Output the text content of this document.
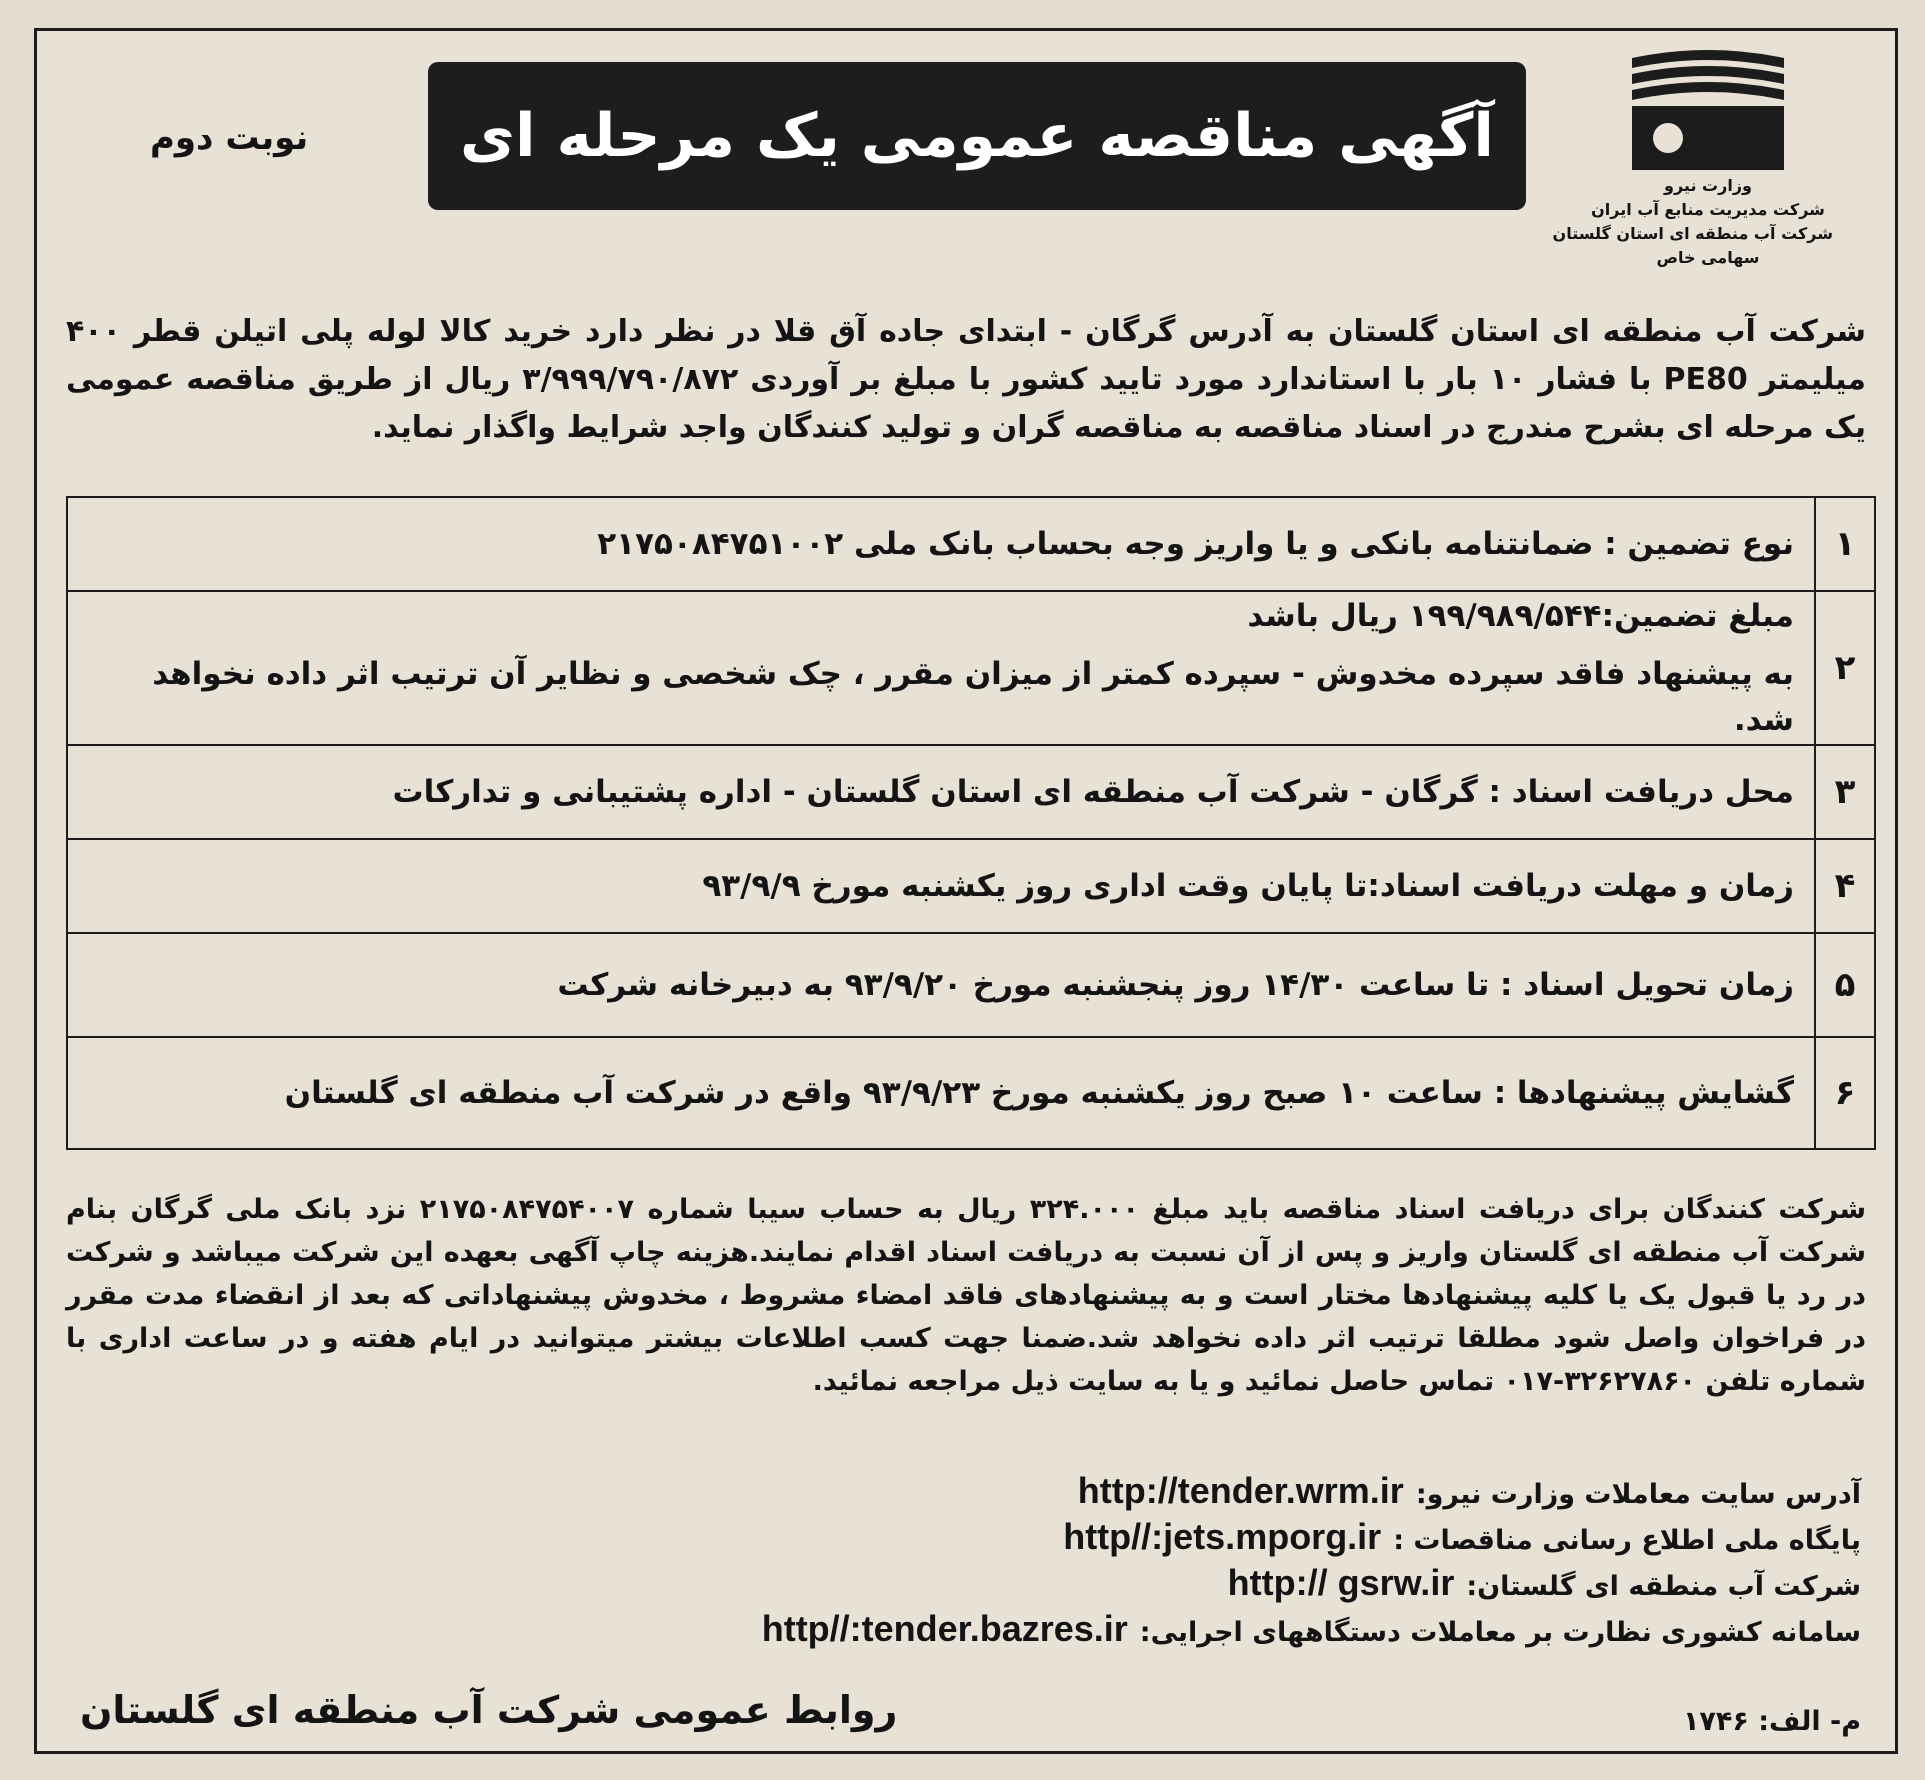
وزارت نیرو
شرکت مدیریت منابع آب ایران
شرکت آب منطقه ای استان گلستان
سهامی خاص
آگهی مناقصه عمومی یک مرحله ای
نوبت دوم
شرکت آب منطقه ای استان گلستان به آدرس گرگان - ابتدای جاده آق قلا در نظر دارد خرید کالا لوله پلی اتیلن قطر ۴۰۰ میلیمتر PE80 با فشار ۱۰ بار با استاندارد مورد تایید کشور با مبلغ بر آوردی ۳/۹۹۹/۷۹۰/۸۷۲ ریال از طریق مناقصه عمومی یک مرحله ای بشرح مندرج در اسناد مناقصه به مناقصه گران و تولید کنندگان واجد شرایط واگذار نماید.
۱
نوع تضمین : ضمانتنامه بانکی و یا واریز وجه بحساب بانک ملی ۲۱۷۵۰۸۴۷۵۱۰۰۲
۲
مبلغ تضمین:۱۹۹/۹۸۹/۵۴۴ ریال باشد
به پیشنهاد فاقد سپرده مخدوش - سپرده کمتر از میزان مقرر ، چک شخصی و نظایر آن ترتیب اثر داده نخواهد شد.
۳
محل دریافت اسناد : گرگان - شرکت آب منطقه ای استان گلستان - اداره پشتیبانی و تدارکات
۴
زمان و مهلت دریافت اسناد:تا پایان وقت اداری روز یکشنبه مورخ ۹۳/۹/۹
۵
زمان تحویل اسناد : تا ساعت ۱۴/۳۰ روز پنجشنبه مورخ ۹۳/۹/۲۰ به دبیرخانه شرکت
۶
گشایش پیشنهادها : ساعت ۱۰ صبح روز یکشنبه مورخ ۹۳/۹/۲۳ واقع در شرکت آب منطقه ای گلستان
شرکت کنندگان برای دریافت اسناد مناقصه باید مبلغ ۳۲۴.۰۰۰ ریال به حساب سیبا شماره ۲۱۷۵۰۸۴۷۵۴۰۰۷ نزد بانک ملی گرگان بنام شرکت آب منطقه ای گلستان واریز و پس از آن نسبت به دریافت اسناد اقدام نمایند.هزینه چاپ آگهی بعهده این شرکت میباشد و شرکت در رد یا قبول یک یا کلیه پیشنهادها مختار است و به پیشنهادهای فاقد امضاء مشروط ، مخدوش پیشنهاداتی که بعد از انقضاء مدت مقرر در فراخوان واصل شود مطلقا ترتیب اثر داده نخواهد شد.ضمنا جهت کسب اطلاعات بیشتر میتوانید در ایام هفته و در ساعت اداری با شماره تلفن ۳۲۶۲۷۸۶۰-۰۱۷ تماس حاصل نمائید و یا به سایت ذیل مراجعه نمائید.
آدرس سایت معاملات وزارت نیرو:http://tender.wrm.ir
پایگاه ملی اطلاع رسانی مناقصات :http//:jets.mporg.ir
شرکت آب منطقه ای گلستان:http:// gsrw.ir
سامانه کشوری نظارت بر معاملات دستگاههای اجرایی:http//:tender.bazres.ir
م- الف: ۱۷۴۶
روابط عمومی شرکت آب منطقه ای گلستان
